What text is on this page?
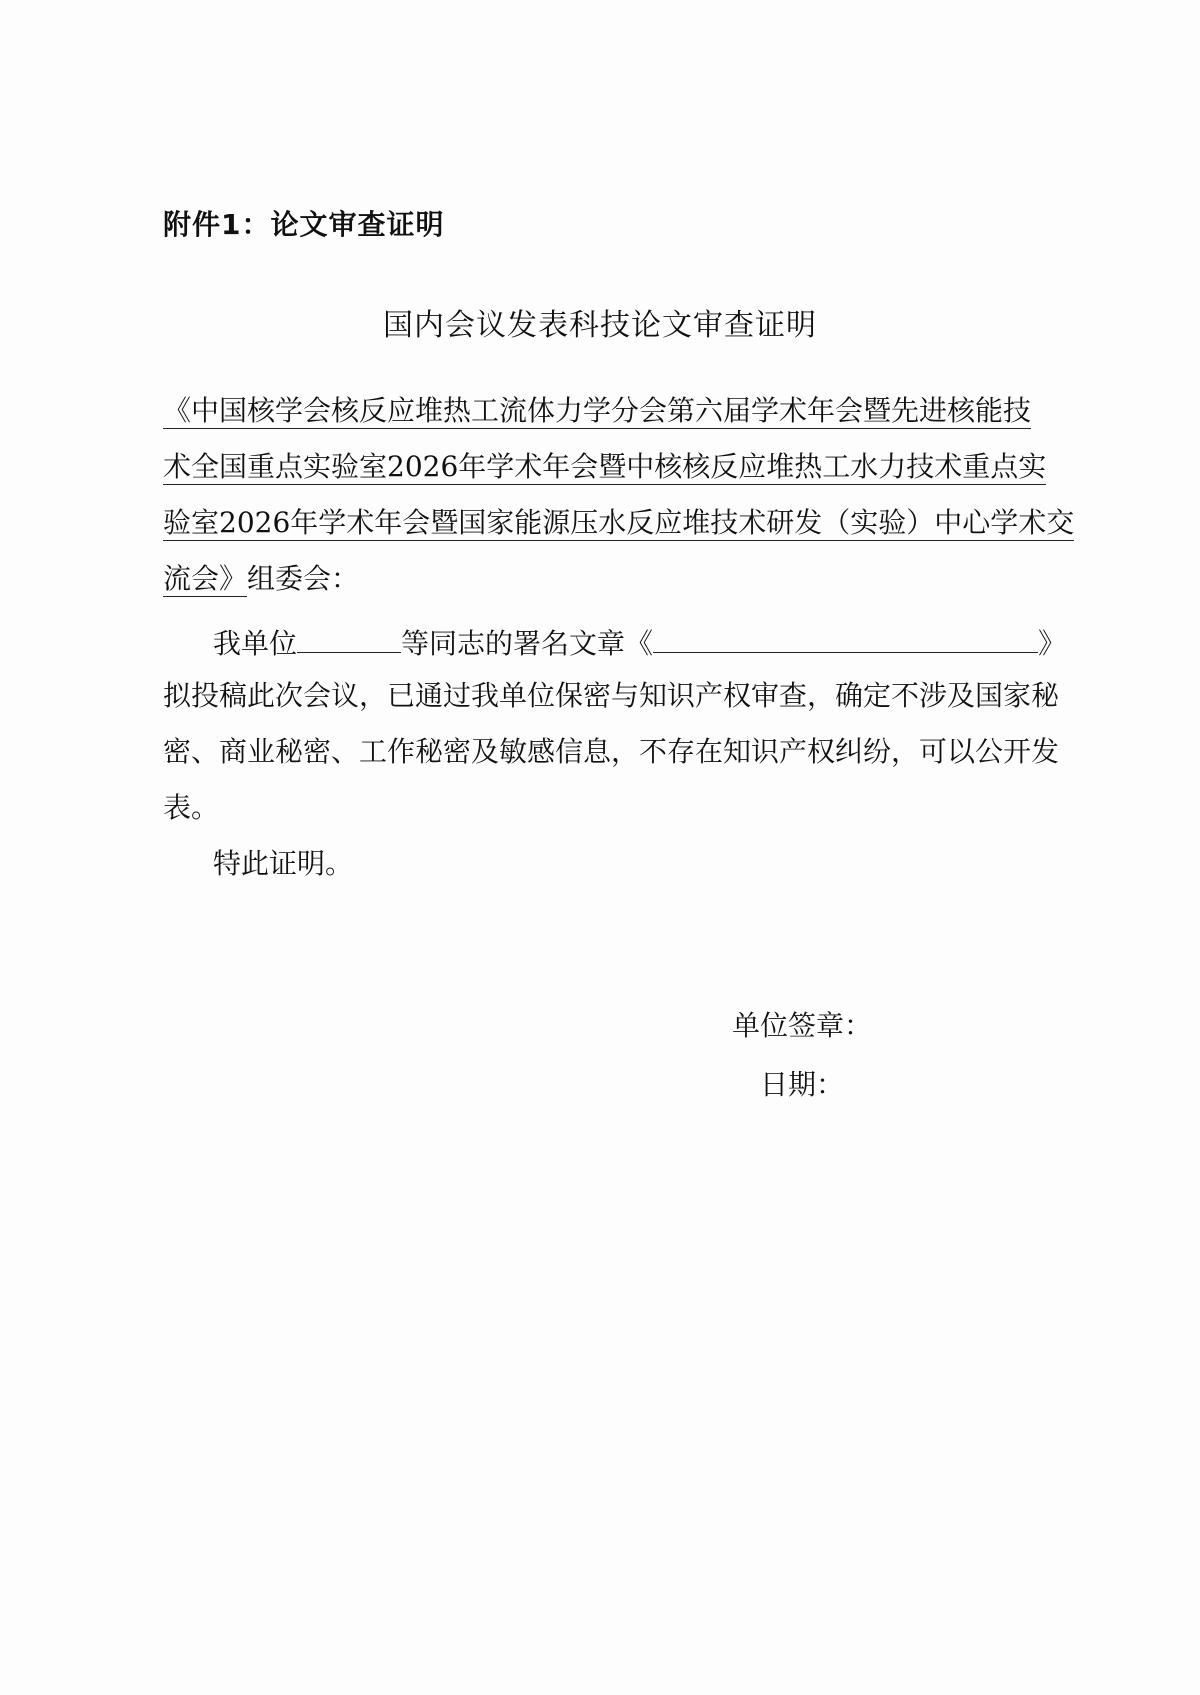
附件1：论文审查证明
国内会议发表科技论文审查证明
《中国核学会核反应堆热工流体力学分会第六届学术年会暨先进核能技
术全国重点实验室2026年学术年会暨中核核反应堆热工水力技术重点实
验室2026年学术年会暨国家能源压水反应堆技术研发（实验）中心学术交
流会》组委会：
我单位	等同志的署名文章《	》
拟投稿此次会议，已通过我单位保密与知识产权审查，确定不涉及国家秘
密、商业秘密、工作秘密及敏感信息，不存在知识产权纠纷，可以公开发
表。
特此证明。
单位签章：
日期：
